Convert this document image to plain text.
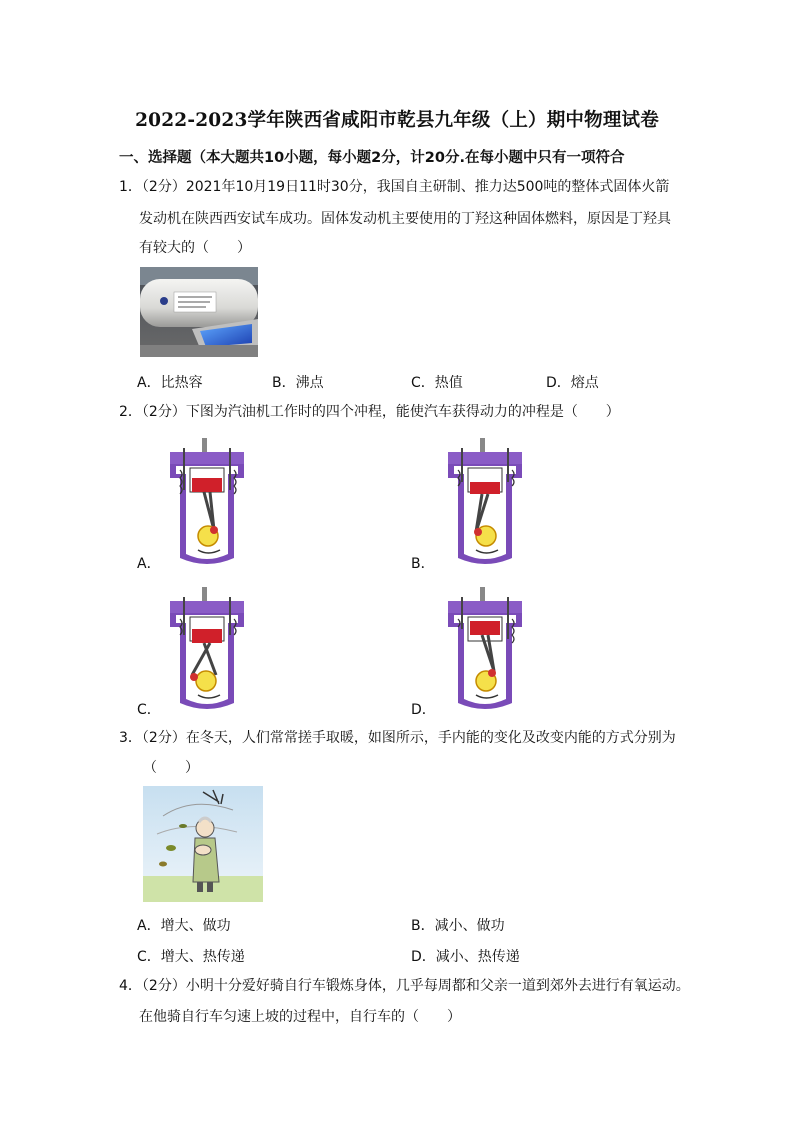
2022-2023学年陕西省咸阳市乾县九年级（上）期中物理试卷
一、选择题（本大题共10小题，每小题2分，计20分.在每小题中只有一项符合
1．（2分）2021年10月19日11时30分，我国自主研制、推力达500吨的整体式固体火箭
发动机在陕西西安试车成功。固体发动机主要使用的丁羟这种固体燃料，原因是丁羟具
有较大的（　　）
A．比热容	B．沸点	C．热值	D．熔点
2．（2分）下图为汽油机工作时的四个冲程，能使汽车获得动力的冲程是（　　）
A．	B．
C．	D．
3．（2分）在冬天，人们常常搓手取暖，如图所示，手内能的变化及改变内能的方式分别为
（　　）
A．增大、做功	B．减小、做功
C．增大、热传递	D．减小、热传递
4．（2分）小明十分爱好骑自行车锻炼身体，几乎每周都和父亲一道到郊外去进行有氧运动。
在他骑自行车匀速上坡的过程中，自行车的（　　）
